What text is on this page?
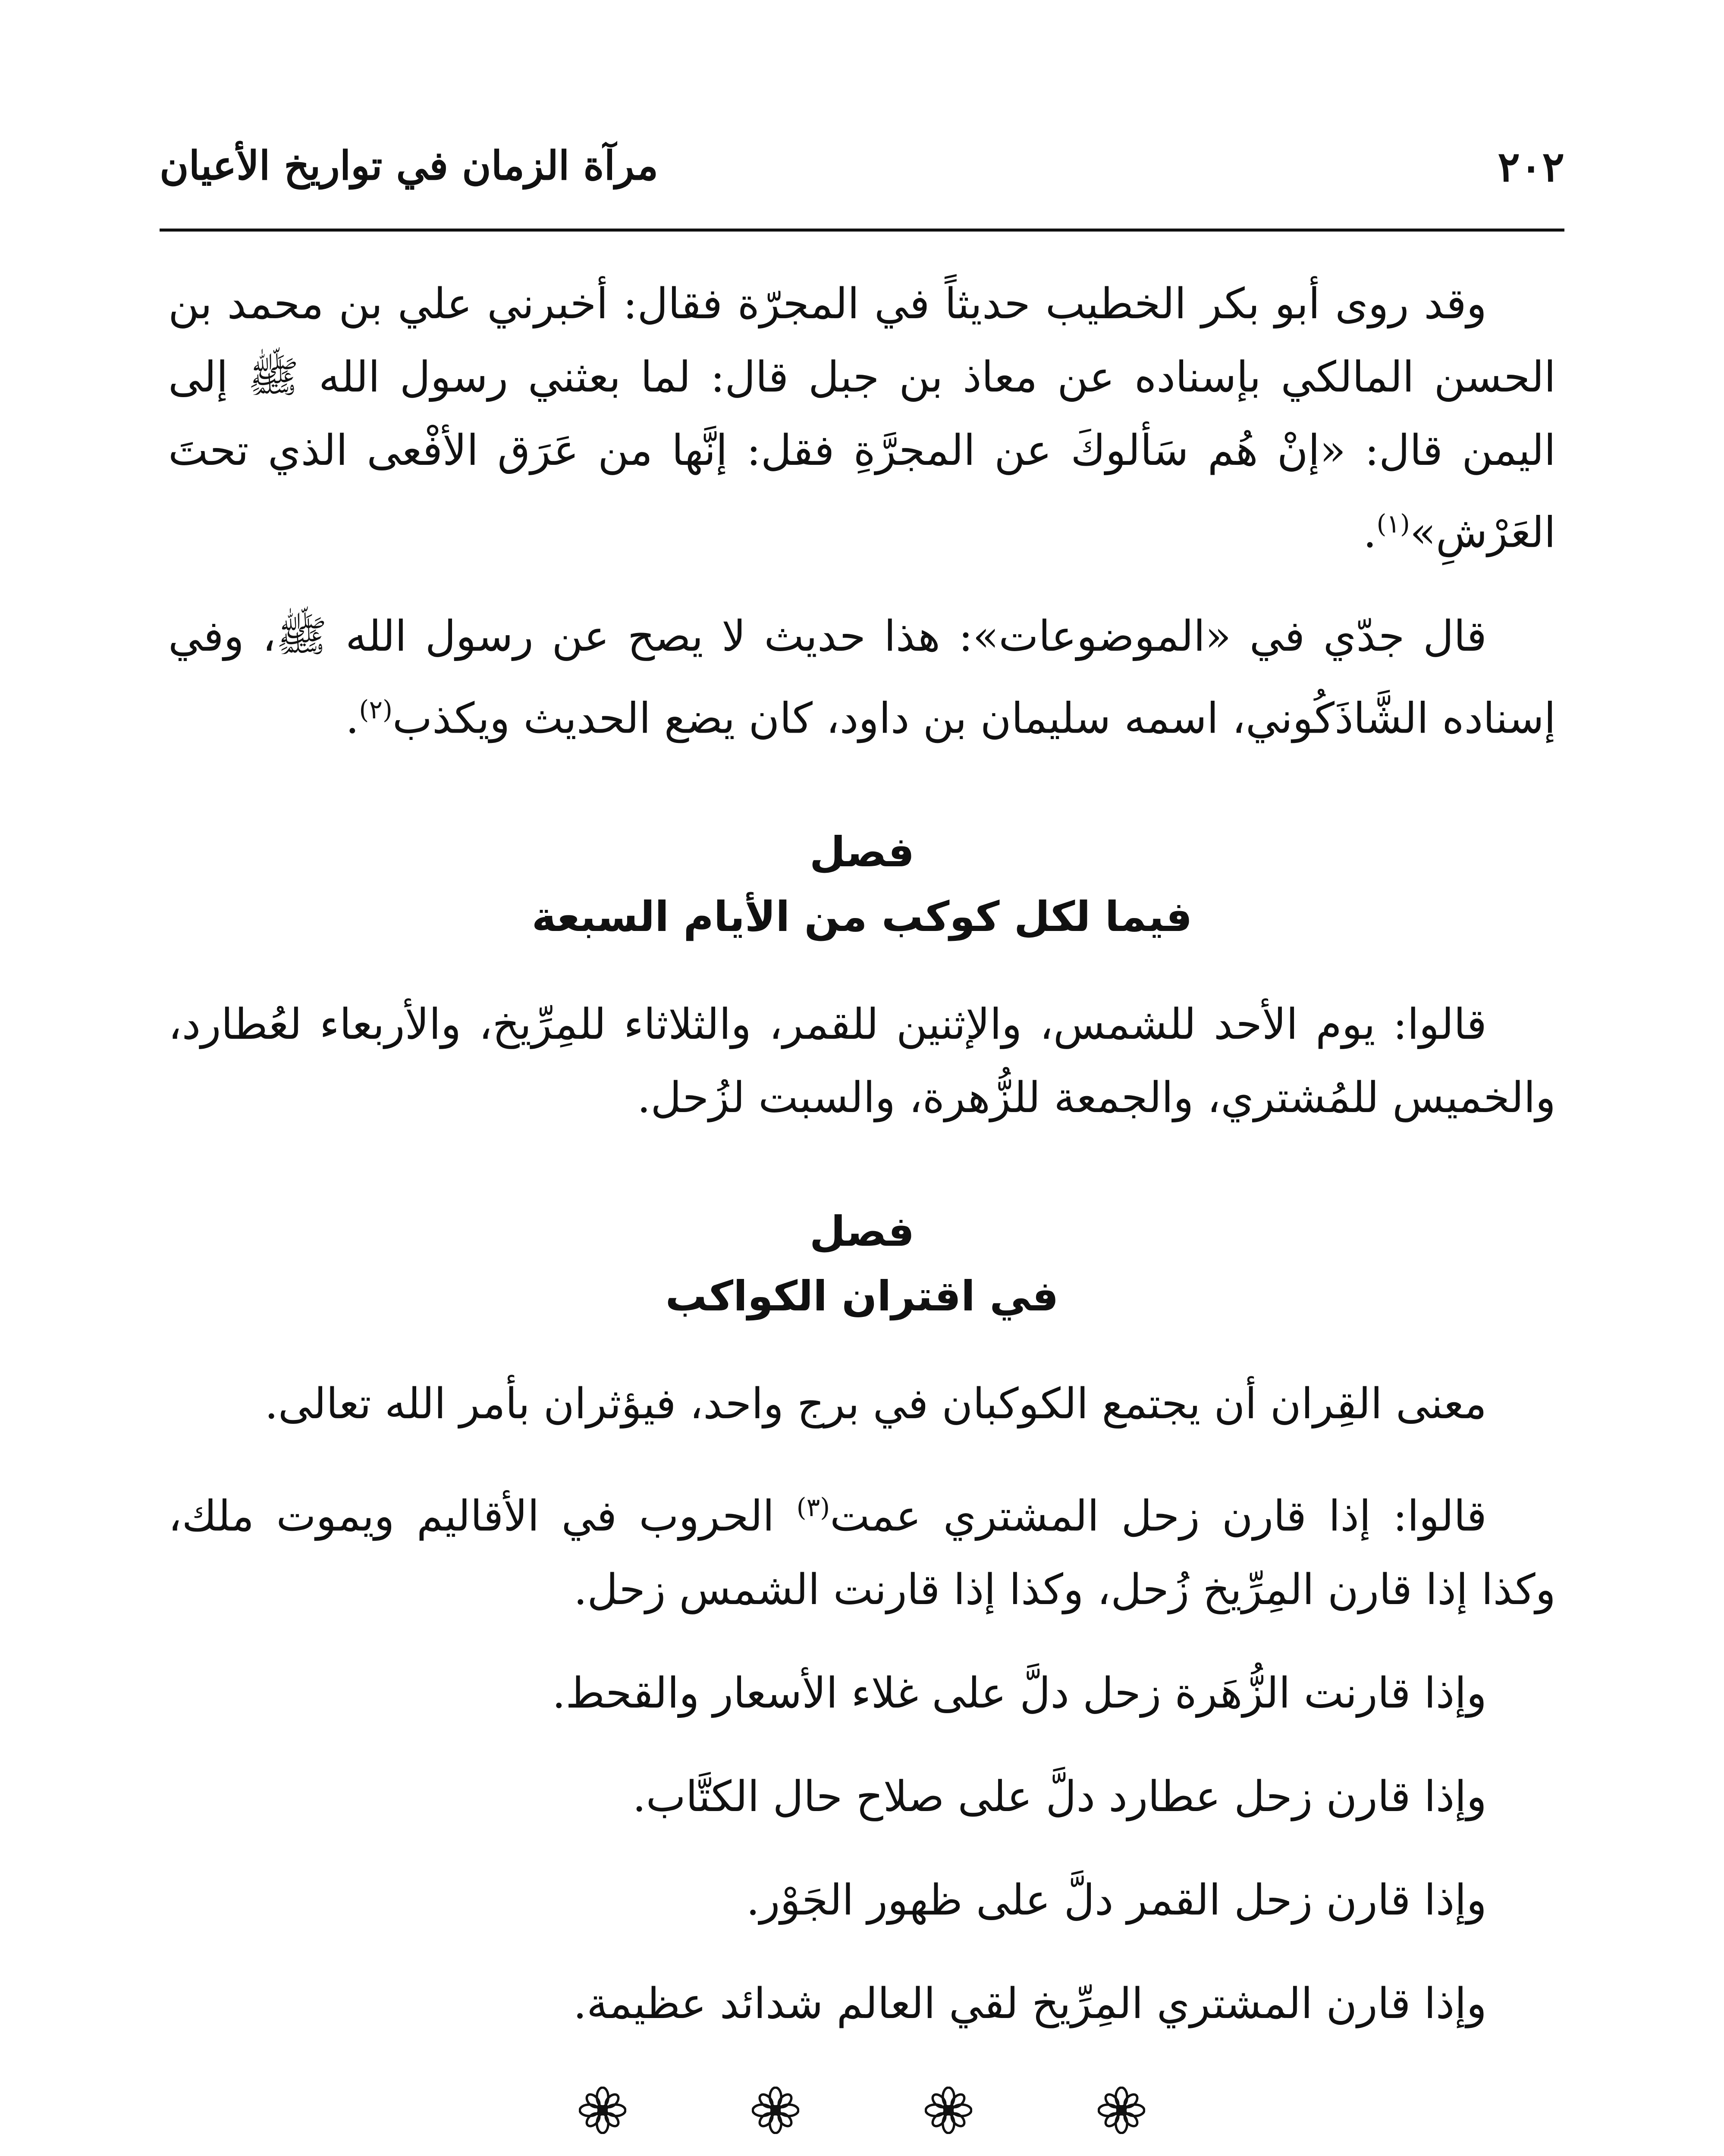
٢٠٢
مرآة الزمان في تواريخ الأعيان

وقد روى أبو بكر الخطيب حديثاً في المجرّة فقال: أخبرني علي بن محمد بن الحسن المالكي بإسناده عن معاذ بن جبل قال: لما بعثني رسول الله ﷺ إلى اليمن قال: «إنْ هُم سَألوكَ عن المجرَّةِ فقل: إنَّها من عَرَق الأفْعى الذي تحتَ العَرْشِ»$^{(١)}$.

قال جدّي في «الموضوعات»: هذا حديث لا يصح عن رسول الله ﷺ، وفي إسناده الشَّاذَكُوني، اسمه سليمان بن داود، كان يضع الحديث ويكذب$^{(٢)}$.

فصل

فيما لكل كوكب من الأيام السبعة

قالوا: يوم الأحد للشمس، والإثنين للقمر، والثلاثاء للمِرِّيخ، والأربعاء لعُطارد، والخميس للمُشتري، والجمعة للزُّهرة، والسبت لزُحل.

فصل

في اقتران الكواكب

معنى القِران أن يجتمع الكوكبان في برج واحد، فيؤثران بأمر الله تعالى.

قالوا: إذا قارن زحل المشتري عمت$^{(٣)}$ الحروب في الأقاليم ويموت ملك، وكذا إذا قارن المِرِّيخ زُحل، وكذا إذا قارنت الشمس زحل.

وإذا قارنت الزُّهَرة زحل دلَّ على غلاء الأسعار والقحط.

وإذا قارن زحل عطارد دلَّ على صلاح حال الكتَّاب.

وإذا قارن زحل القمر دلَّ على ظهور الجَوْر.

وإذا قارن المشتري المِرِّيخ لقي العالم شدائد عظيمة.
